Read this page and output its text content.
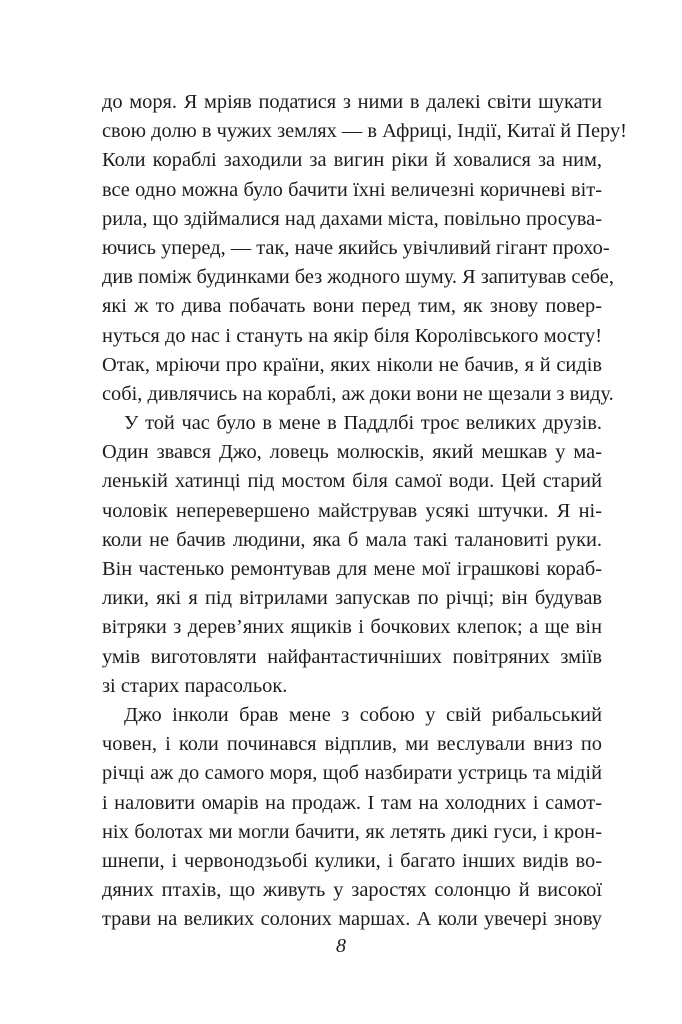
до моря. Я мріяв податися з ними в далекі світи шукати
свою долю в чужих землях — в Африці, Індії, Китаї й Перу!
Коли кораблі заходили за вигин ріки й ховалися за ним,
все одно можна було бачити їхні величезні коричневі віт-
рила, що здіймалися над дахами міста, повільно просува-
ючись уперед, — так, наче якийсь увічливий гігант прохо-
див поміж будинками без жодного шуму. Я запитував себе,
які ж то дива побачать вони перед тим, як знову повер-
нуться до нас і стануть на якір біля Королівського мосту!
Отак, мріючи про країни, яких ніколи не бачив, я й сидів
собі, дивлячись на кораблі, аж доки вони не щезали з виду.
У той час було в мене в Паддлбі троє великих друзів.
Один звався Джо, ловець молюсків, який мешкав у ма-
ленькій хатинці під мостом біля самої води. Цей старий
чоловік неперевершено майстрував усякі штучки. Я ні-
коли не бачив людини, яка б мала такі талановиті руки.
Він частенько ремонтував для мене мої іграшкові кораб-
лики, які я під вітрилами запускав по річці; він будував
вітряки з дерев’яних ящиків і бочкових клепок; а ще він
умів виготовляти найфантастичніших повітряних зміїв
зі старих парасольок.
Джо інколи брав мене з собою у свій рибальський
човен, і коли починався відплив, ми веслували вниз по
річці аж до самого моря, щоб назбирати устриць та мідій
і наловити омарів на продаж. І там на холодних і самот-
ніх болотах ми могли бачити, як летять дикі гуси, і крон-
шнепи, і червонодзьобі кулики, і багато інших видів во-
дяних птахів, що живуть у заростях солонцю й високої
трави на великих солоних маршах. А коли увечері знову
8
